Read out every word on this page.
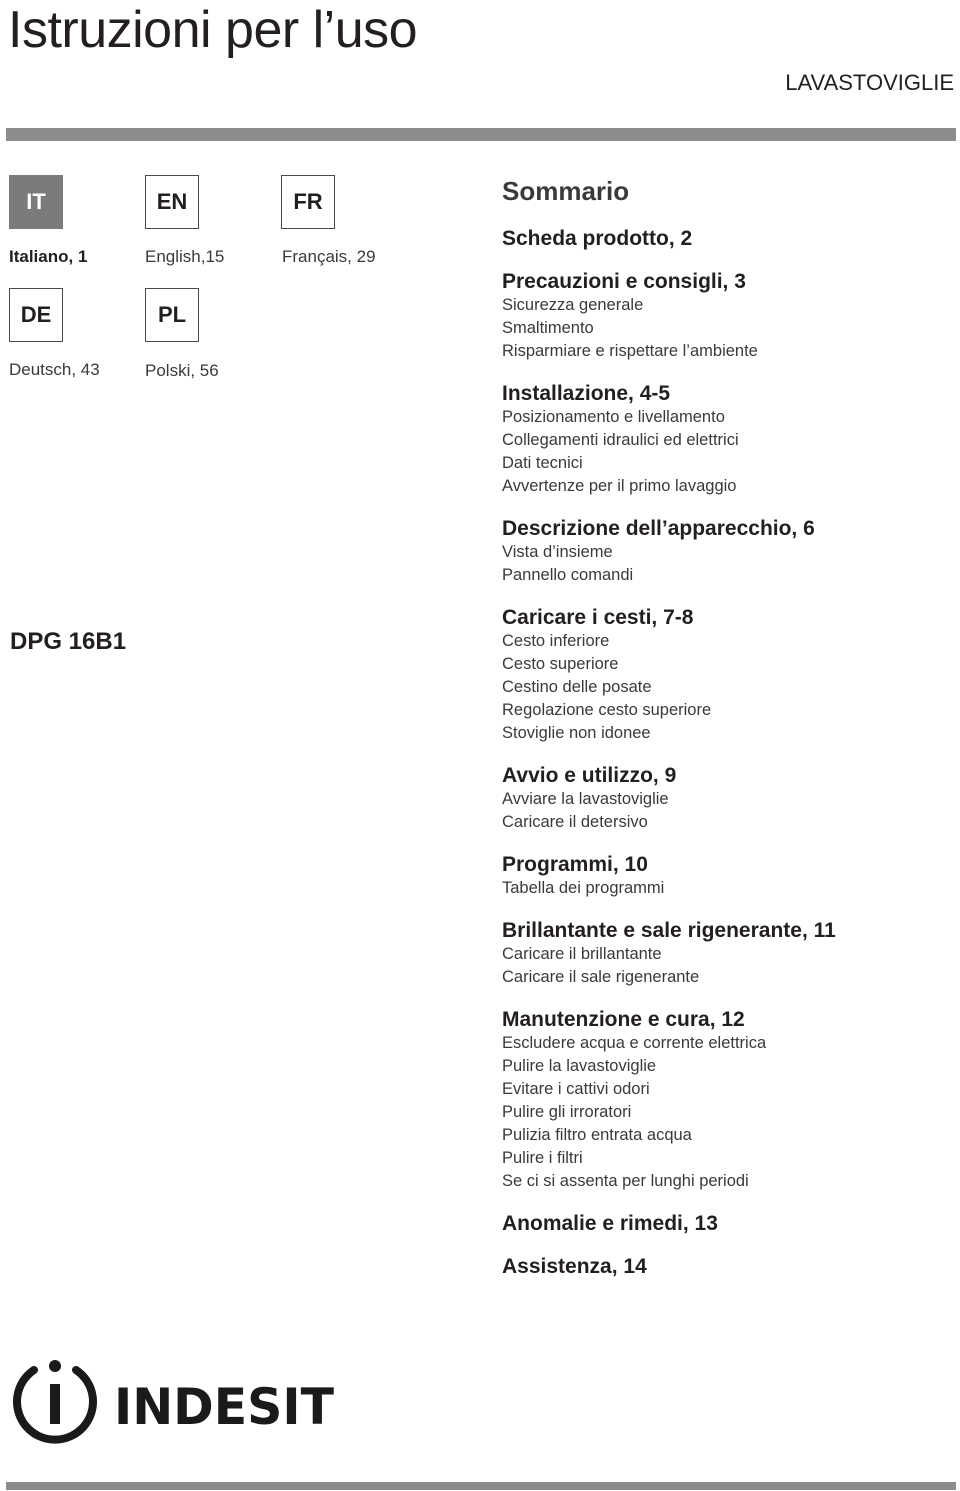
Istruzioni per l’uso
LAVASTOVIGLIE
IT	EN	FR
Italiano, 1	English,15	Français, 29
DE	PL
Deutsch, 43	Polski, 56
DPG 16B1
Sommario
Scheda prodotto, 2
Precauzioni e consigli, 3
Sicurezza generale
Smaltimento
Risparmiare e rispettare l’ambiente
Installazione, 4-5
Posizionamento e livellamento
Collegamenti idraulici ed elettrici
Dati tecnici
Avvertenze per il primo lavaggio
Descrizione dell’apparecchio, 6
Vista d’insieme
Pannello comandi
Caricare i cesti, 7-8
Cesto inferiore
Cesto superiore
Cestino delle posate
Regolazione cesto superiore
Stoviglie non idonee
Avvio e utilizzo, 9
Avviare la lavastoviglie
Caricare il detersivo
Programmi, 10
Tabella dei programmi
Brillantante e sale rigenerante, 11
Caricare il brillantante
Caricare il sale rigenerante
Manutenzione e cura, 12
Escludere acqua e corrente elettrica
Pulire la lavastoviglie
Evitare i cattivi odori
Pulire gli irroratori
Pulizia filtro entrata acqua
Pulire i filtri
Se ci si assenta per lunghi periodi
Anomalie e rimedi, 13
Assistenza, 14
INDESIT
